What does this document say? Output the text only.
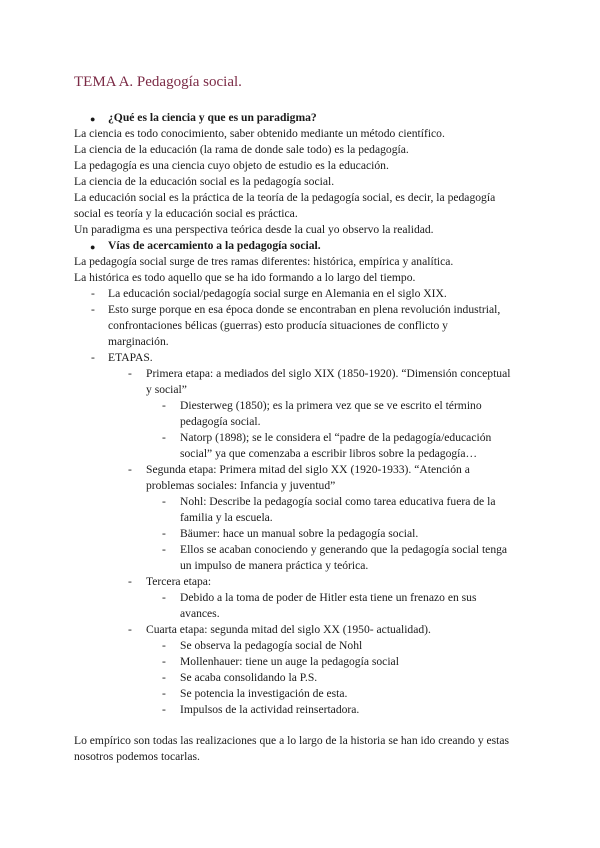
TEMA A. Pedagogía social.
● ¿Qué es la ciencia y que es un paradigma?
La ciencia es todo conocimiento, saber obtenido mediante un método científico.
La ciencia de la educación (la rama de donde sale todo) es la pedagogía.
La pedagogía es una ciencia cuyo objeto de estudio es la educación.
La ciencia de la educación social es la pedagogía social.
La educación social es la práctica de la teoría de la pedagogía social, es decir, la pedagogía
social es teoría y la educación social es práctica.
Un paradigma es una perspectiva teórica desde la cual yo observo la realidad.
● Vías de acercamiento a la pedagogía social.
La pedagogía social surge de tres ramas diferentes: histórica, empírica y analítica.
La histórica es todo aquello que se ha ido formando a lo largo del tiempo.
- La educación social/pedagogía social surge en Alemania en el siglo XIX.
- Esto surge porque en esa época donde se encontraban en plena revolución industrial,
confrontaciones bélicas (guerras) esto producía situaciones de conflicto y
marginación.
- ETAPAS.
- Primera etapa: a mediados del siglo XIX (1850-1920). “Dimensión conceptual
y social”
- Diesterweg (1850); es la primera vez que se ve escrito el término
pedagogía social.
- Natorp (1898); se le considera el “padre de la pedagogía/educación
social” ya que comenzaba a escribir libros sobre la pedagogía…
- Segunda etapa: Primera mitad del siglo XX (1920-1933). “Atención a
problemas sociales: Infancia y juventud”
- Nohl: Describe la pedagogía social como tarea educativa fuera de la
familia y la escuela.
- Bäumer: hace un manual sobre la pedagogía social.
- Ellos se acaban conociendo y generando que la pedagogía social tenga
un impulso de manera práctica y teórica.
- Tercera etapa:
- Debido a la toma de poder de Hitler esta tiene un frenazo en sus
avances.
- Cuarta etapa: segunda mitad del siglo XX (1950- actualidad).
- Se observa la pedagogía social de Nohl
- Mollenhauer: tiene un auge la pedagogía social
- Se acaba consolidando la P.S.
- Se potencia la investigación de esta.
- Impulsos de la actividad reinsertadora.
Lo empírico son todas las realizaciones que a lo largo de la historia se han ido creando y estas
nosotros podemos tocarlas.
